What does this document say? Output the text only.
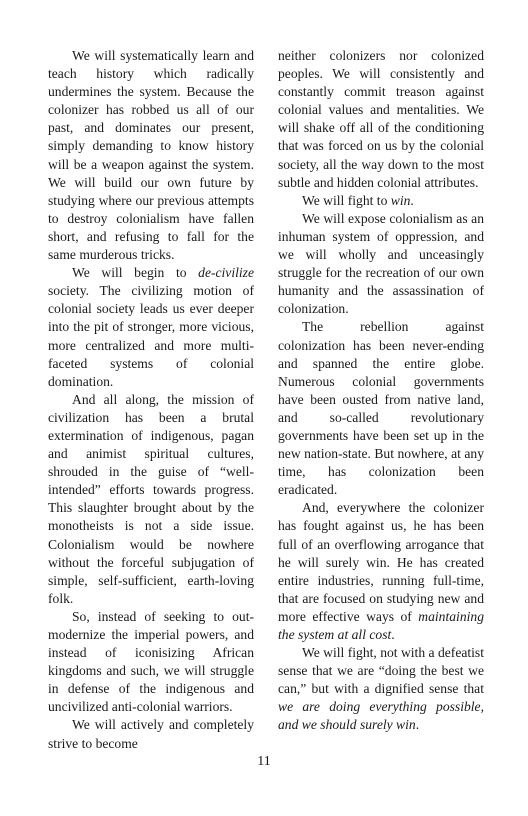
We will systematically learn and teach history which radically undermines the system. Because the colonizer has robbed us all of our past, and dominates our present, simply demanding to know history will be a weapon against the system. We will build our own future by studying where our previous attempts to destroy colonialism have fallen short, and refusing to fall for the same murderous tricks.

We will begin to de-civilize society. The civilizing motion of colonial society leads us ever deeper into the pit of stronger, more vicious, more centralized and more multi-faceted systems of colonial domination.

And all along, the mission of civilization has been a brutal extermination of indigenous, pagan and animist spiritual cultures, shrouded in the guise of “well-intended” efforts towards progress. This slaughter brought about by the monotheists is not a side issue. Colonialism would be nowhere without the forceful subjugation of simple, self-sufficient, earth-loving folk.

So, instead of seeking to out-modernize the imperial powers, and instead of iconisizing African kingdoms and such, we will struggle in defense of the indigenous and uncivilized anti-colonial warriors.

We will actively and completely strive to become

neither colonizers nor colonized peoples. We will consistently and constantly commit treason against colonial values and mentalities. We will shake off all of the conditioning that was forced on us by the colonial society, all the way down to the most subtle and hidden colonial attributes.

We will fight to win.

We will expose colonialism as an inhuman system of oppression, and we will wholly and unceasingly struggle for the recreation of our own humanity and the assassination of colonization.

The rebellion against colonization has been never-ending and spanned the entire globe. Numerous colonial governments have been ousted from native land, and so-called revolutionary governments have been set up in the new nation-state. But nowhere, at any time, has colonization been eradicated.

And, everywhere the colonizer has fought against us, he has been full of an overflowing arrogance that he will surely win. He has created entire industries, running full-time, that are focused on studying new and more effective ways of maintaining the system at all cost.

We will fight, not with a defeatist sense that we are “doing the best we can,” but with a dignified sense that we are doing everything possible, and we should surely win.

11
